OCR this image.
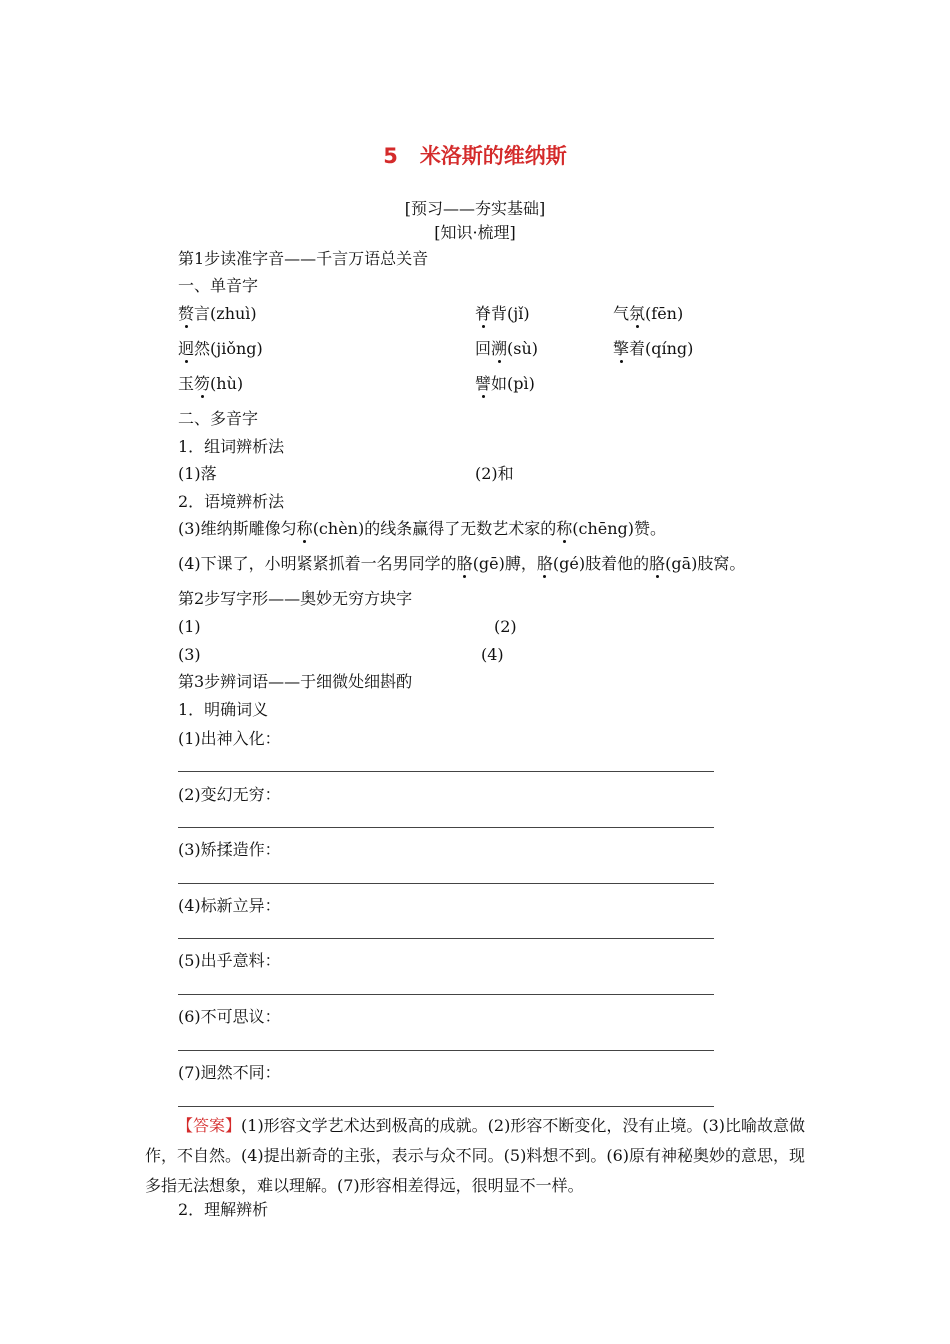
5 米洛斯的维纳斯
[预习——夯实基础]
[知识·梳理]
第1步读准字音——千言万语总关音
一、单音字
赘言(zhuì)	脊背(jǐ)	气氛(fēn)
迥然(jiǒng)	回溯(sù)	擎着(qíng)
玉笏(hù)	譬如(pì)
二、多音字
1．组词辨析法
(1)落	(2)和
2．语境辨析法
(3)维纳斯雕像匀称(chèn)的线条赢得了无数艺术家的称(chēng)赞。
(4)下课了，小明紧紧抓着一名男同学的胳(gē)膊，胳(gé)肢着他的胳(gā)肢窝。
第2步写字形——奥妙无穷方块字
(1)	(2)
(3)	(4)
第3步辨词语——于细微处细斟酌
1．明确词义
(1)出神入化：
(2)变幻无穷：
(3)矫揉造作：
(4)标新立异：
(5)出乎意料：
(6)不可思议：
(7)迥然不同：
【答案】(1)形容文学艺术达到极高的成就。(2)形容不断变化，没有止境。(3)比喻故意做作，不自然。(4)提出新奇的主张，表示与众不同。(5)料想不到。(6)原有神秘奥妙的意思，现多指无法想象，难以理解。(7)形容相差得远，很明显不一样。
2．理解辨析
